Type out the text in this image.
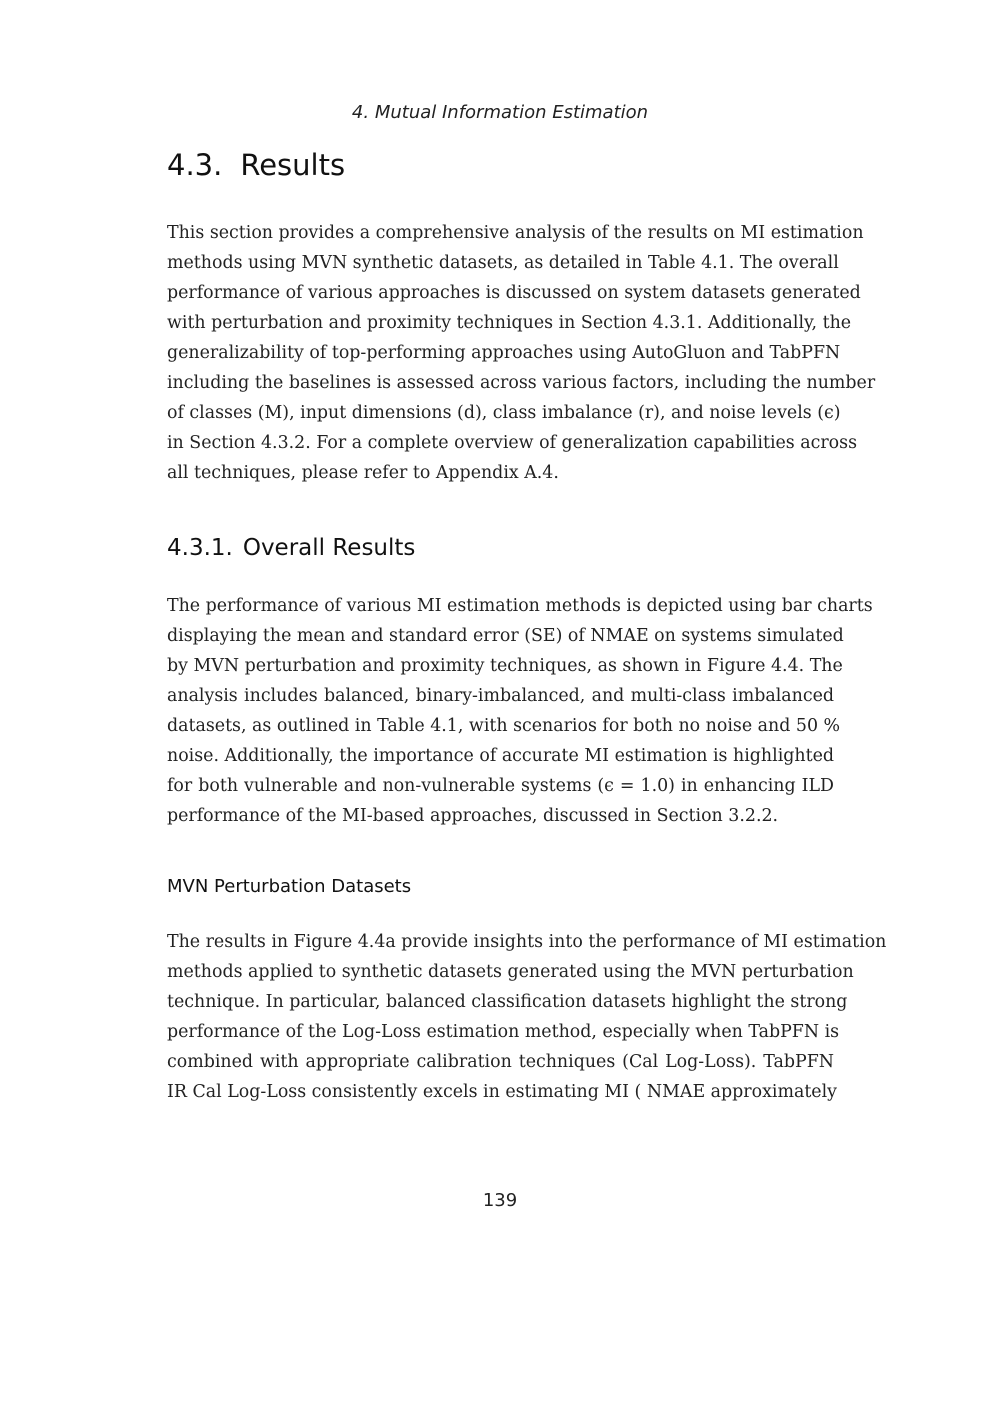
4. Mutual Information Estimation
4.3. Results

This section provides a comprehensive analysis of the results on MI estimation
methods using MVN synthetic datasets, as detailed in Table 4.1. The overall
performance of various approaches is discussed on system datasets generated
with perturbation and proximity techniques in Section 4.3.1. Additionally, the
generalizability of top-performing approaches using AutoGluon and TabPFN
including the baselines is assessed across various factors, including the number
of classes (M), input dimensions (d), class imbalance (r), and noise levels (ϵ)
in Section 4.3.2. For a complete overview of generalization capabilities across
all techniques, please refer to Appendix A.4.

4.3.1. Overall Results

The performance of various MI estimation methods is depicted using bar charts
displaying the mean and standard error (SE) of NMAE on systems simulated
by MVN perturbation and proximity techniques, as shown in Figure 4.4. The
analysis includes balanced, binary-imbalanced, and multi-class imbalanced
datasets, as outlined in Table 4.1, with scenarios for both no noise and 50 %
noise. Additionally, the importance of accurate MI estimation is highlighted
for both vulnerable and non-vulnerable systems (ϵ = 1.0) in enhancing ILD
performance of the MI-based approaches, discussed in Section 3.2.2.

MVN Perturbation Datasets

The results in Figure 4.4a provide insights into the performance of MI estimation
methods applied to synthetic datasets generated using the MVN perturbation
technique. In particular, balanced classification datasets highlight the strong
performance of the Log-Loss estimation method, especially when TabPFN is
combined with appropriate calibration techniques (Cal Log-Loss). TabPFN
IR Cal Log-Loss consistently excels in estimating MI ( NMAE approximately

139
